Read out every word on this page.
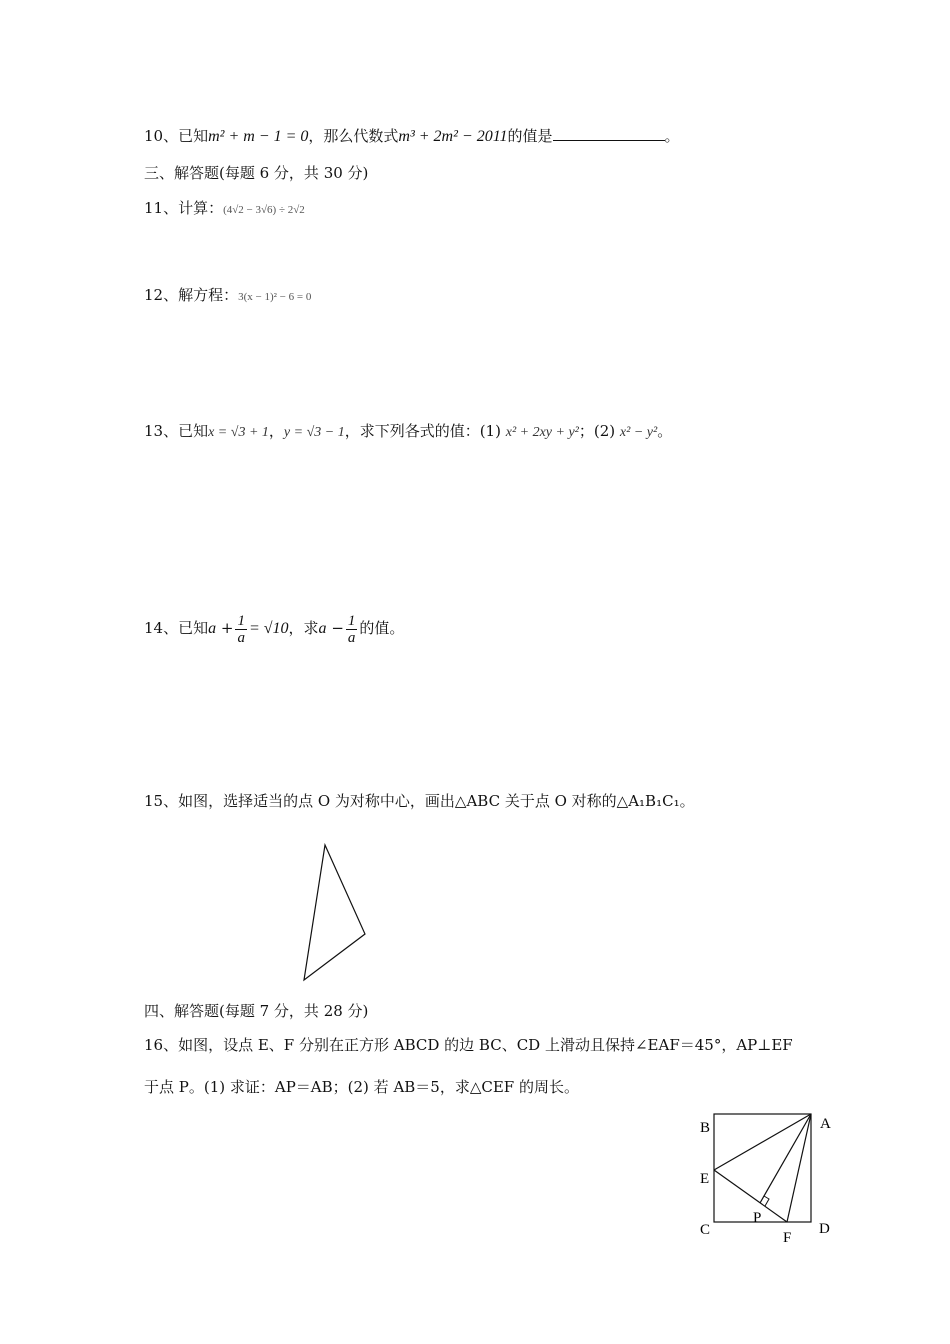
10、已知m² + m − 1 = 0，那么代数式m³ + 2m² − 2011的值是	。
三、解答题(每题 6 分，共 30 分)
11、计算：(4√2 − 3√6) ÷ 2√2
12、解方程：3(x − 1)² − 6 = 0
13、已知x = √3 + 1，y = √3 − 1，求下列各式的值：(1) x² + 2xy + y²；(2) x² − y²。
14、已知$a + \frac{1}{a} = √10$，求$a - \frac{1}{a}$ 的值。
15、如图，选择适当的点 O 为对称中心，画出△ABC 关于点 O 对称的△A₁B₁C₁。
四、解答题(每题 7 分，共 28 分)
16、如图，设点 E、F 分别在正方形 ABCD 的边 BC、CD 上滑动且保持∠EAF＝45°，AP⊥EF
于点 P。(1) 求证：AP＝AB；(2) 若 AB＝5，求△CEF 的周长。
A
B
E
P
C	D
F
